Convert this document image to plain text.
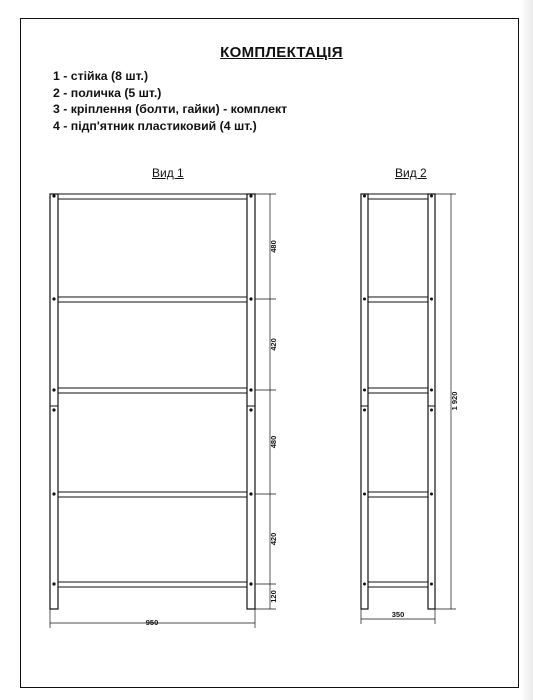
КОМПЛЕКТАЦІЯ
1 - стійка (8 шт.)
2 - поличка (5 шт.)
3 - кріплення (болти, гайки) - комплект
4 - підп'ятник пластиковий (4 шт.)
Вид 1	Вид 2
480
420
480
420
120
1 920
950
350
